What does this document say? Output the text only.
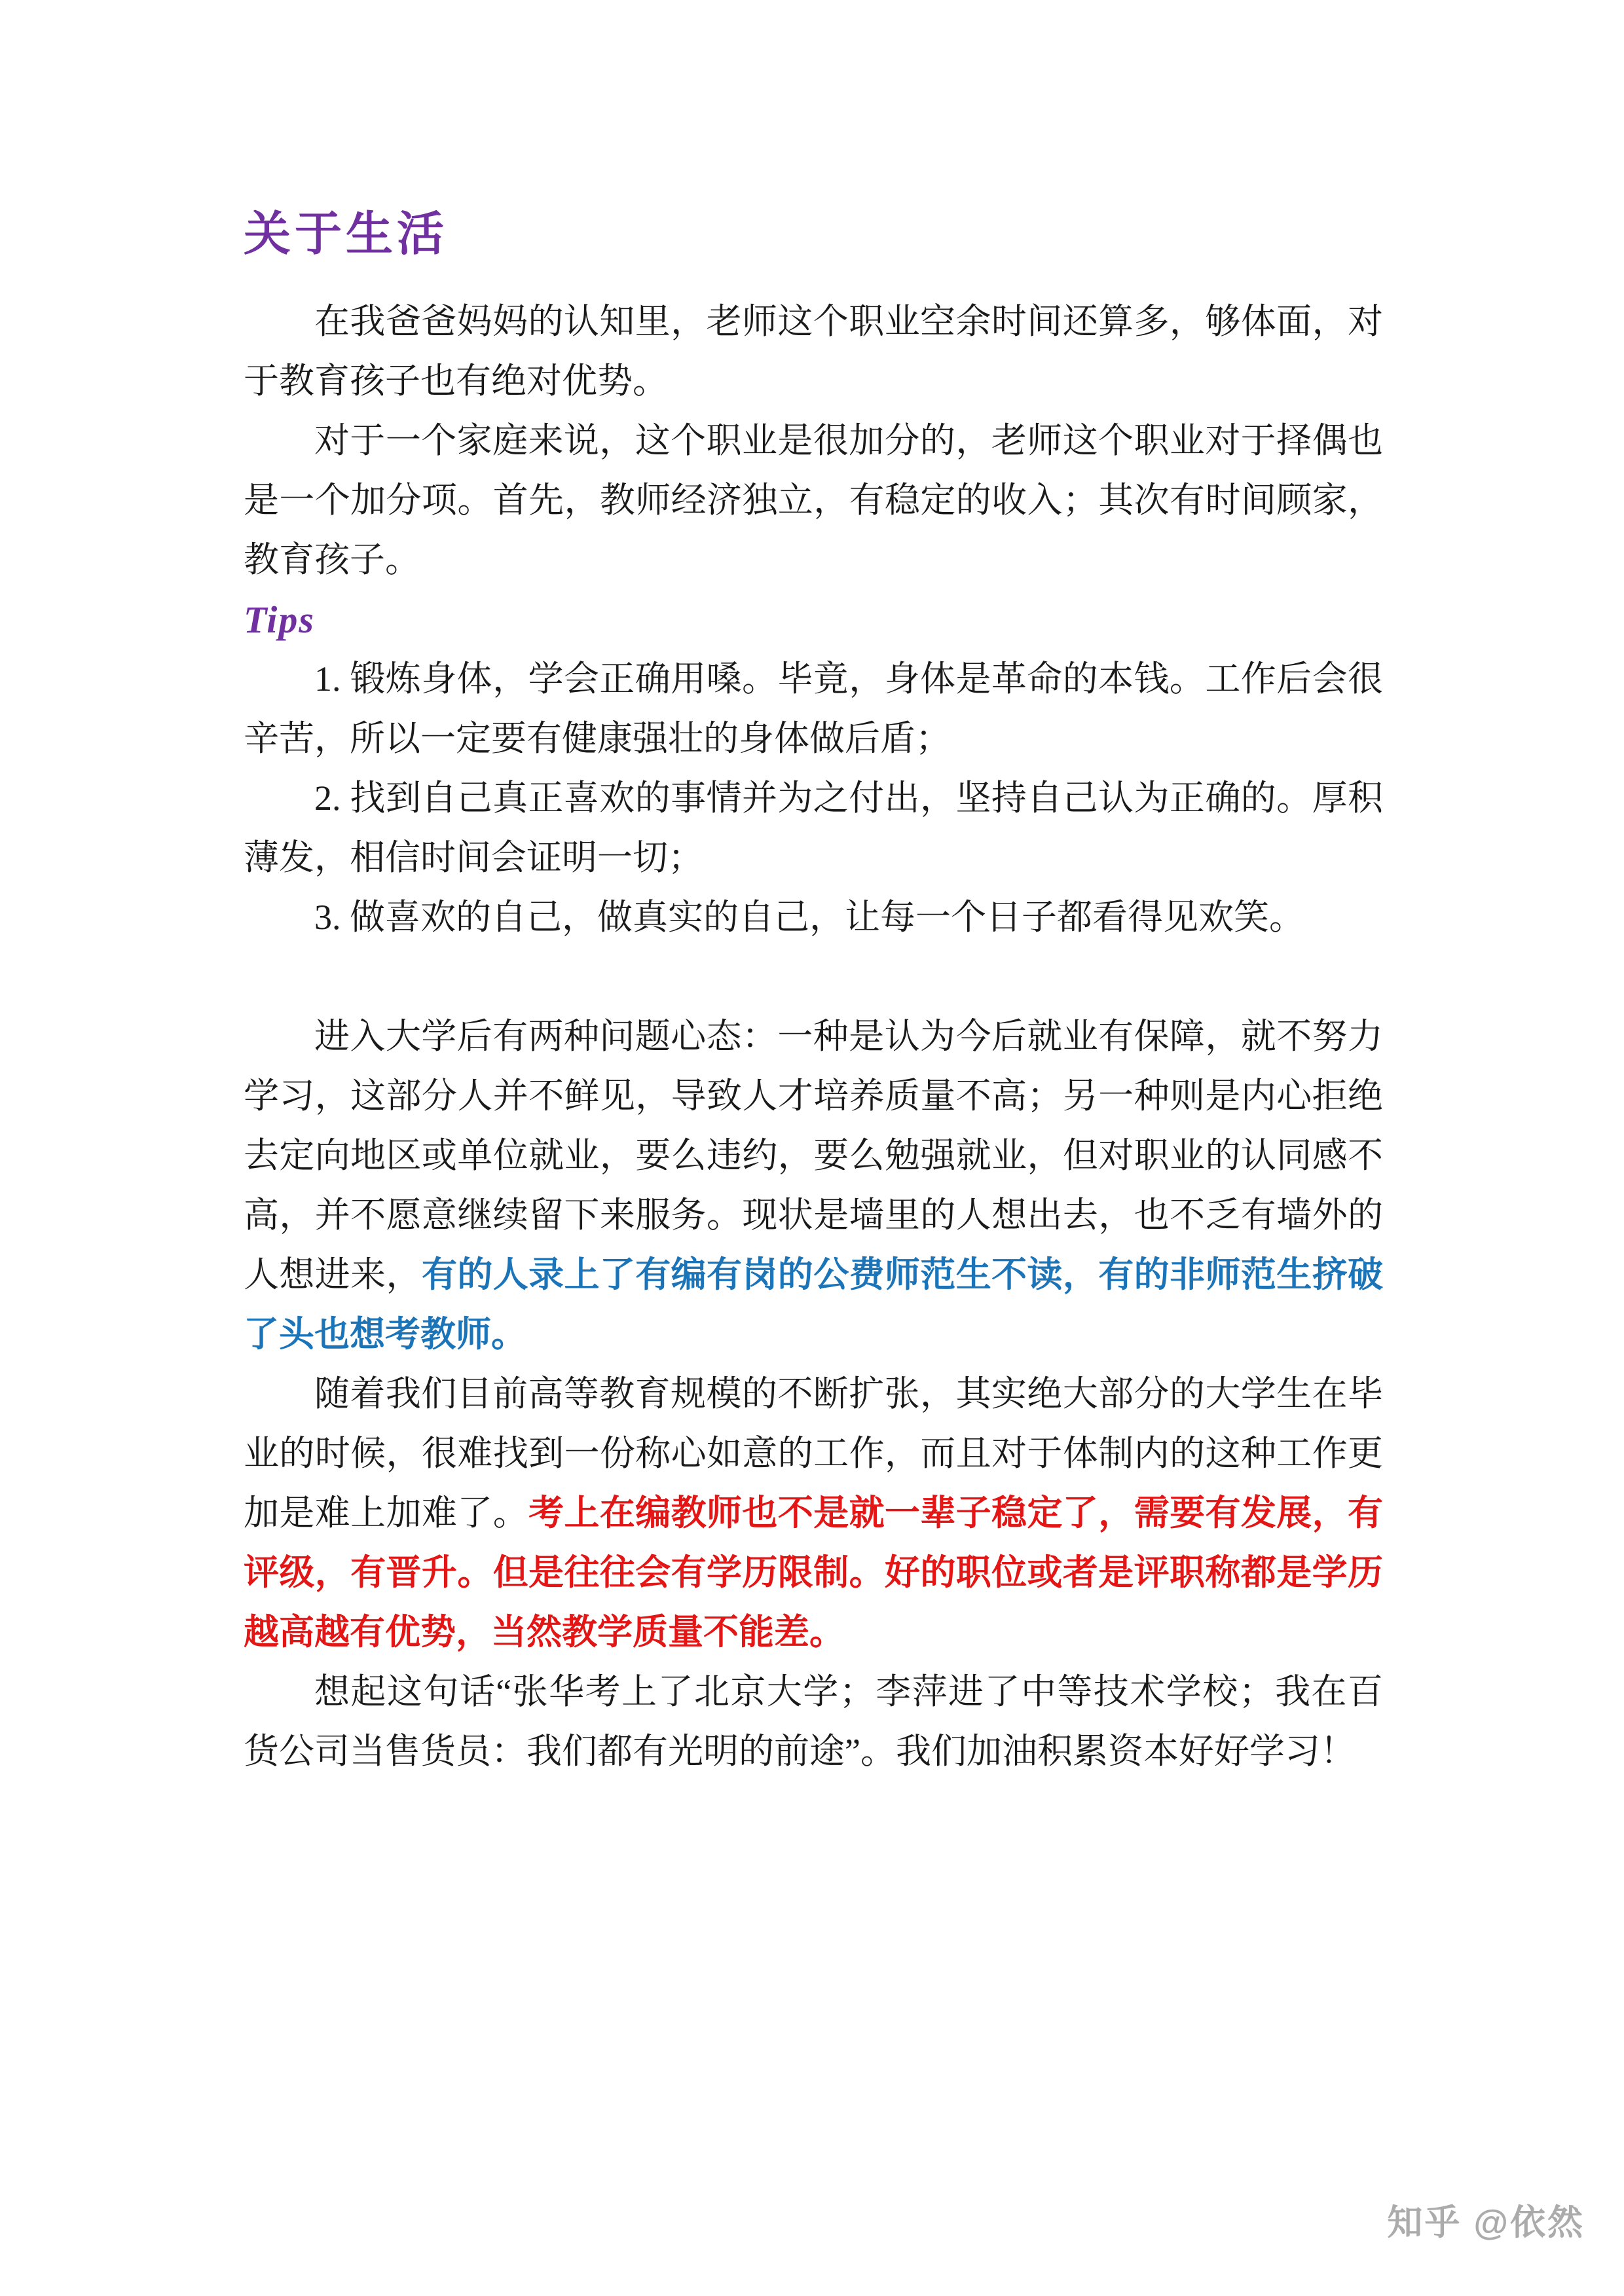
关于生活

在我爸爸妈妈的认知里，老师这个职业空余时间还算多，够体面，对于教育孩子也有绝对优势。

对于一个家庭来说，这个职业是很加分的，老师这个职业对于择偶也是一个加分项。首先，教师经济独立，有稳定的收入；其次有时间顾家，教育孩子。

Tips

1. 锻炼身体，学会正确用嗓。毕竟，身体是革命的本钱。工作后会很辛苦，所以一定要有健康强壮的身体做后盾；

2. 找到自己真正喜欢的事情并为之付出，坚持自己认为正确的。厚积薄发，相信时间会证明一切；

3. 做喜欢的自己，做真实的自己，让每一个日子都看得见欢笑。

进入大学后有两种问题心态：一种是认为今后就业有保障，就不努力学习，这部分人并不鲜见，导致人才培养质量不高；另一种则是内心拒绝去定向地区或单位就业，要么违约，要么勉强就业，但对职业的认同感不高，并不愿意继续留下来服务。现状是墙里的人想出去，也不乏有墙外的人想进来，有的人录上了有编有岗的公费师范生不读，有的非师范生挤破了头也想考教师。

随着我们目前高等教育规模的不断扩张，其实绝大部分的大学生在毕业的时候，很难找到一份称心如意的工作，而且对于体制内的这种工作更加是难上加难了。考上在编教师也不是就一辈子稳定了，需要有发展，有评级，有晋升。但是往往会有学历限制。好的职位或者是评职称都是学历越高越有优势，当然教学质量不能差。

想起这句话“张华考上了北京大学；李萍进了中等技术学校；我在百货公司当售货员：我们都有光明的前途”。我们加油积累资本好好学习！

知乎 @依然
